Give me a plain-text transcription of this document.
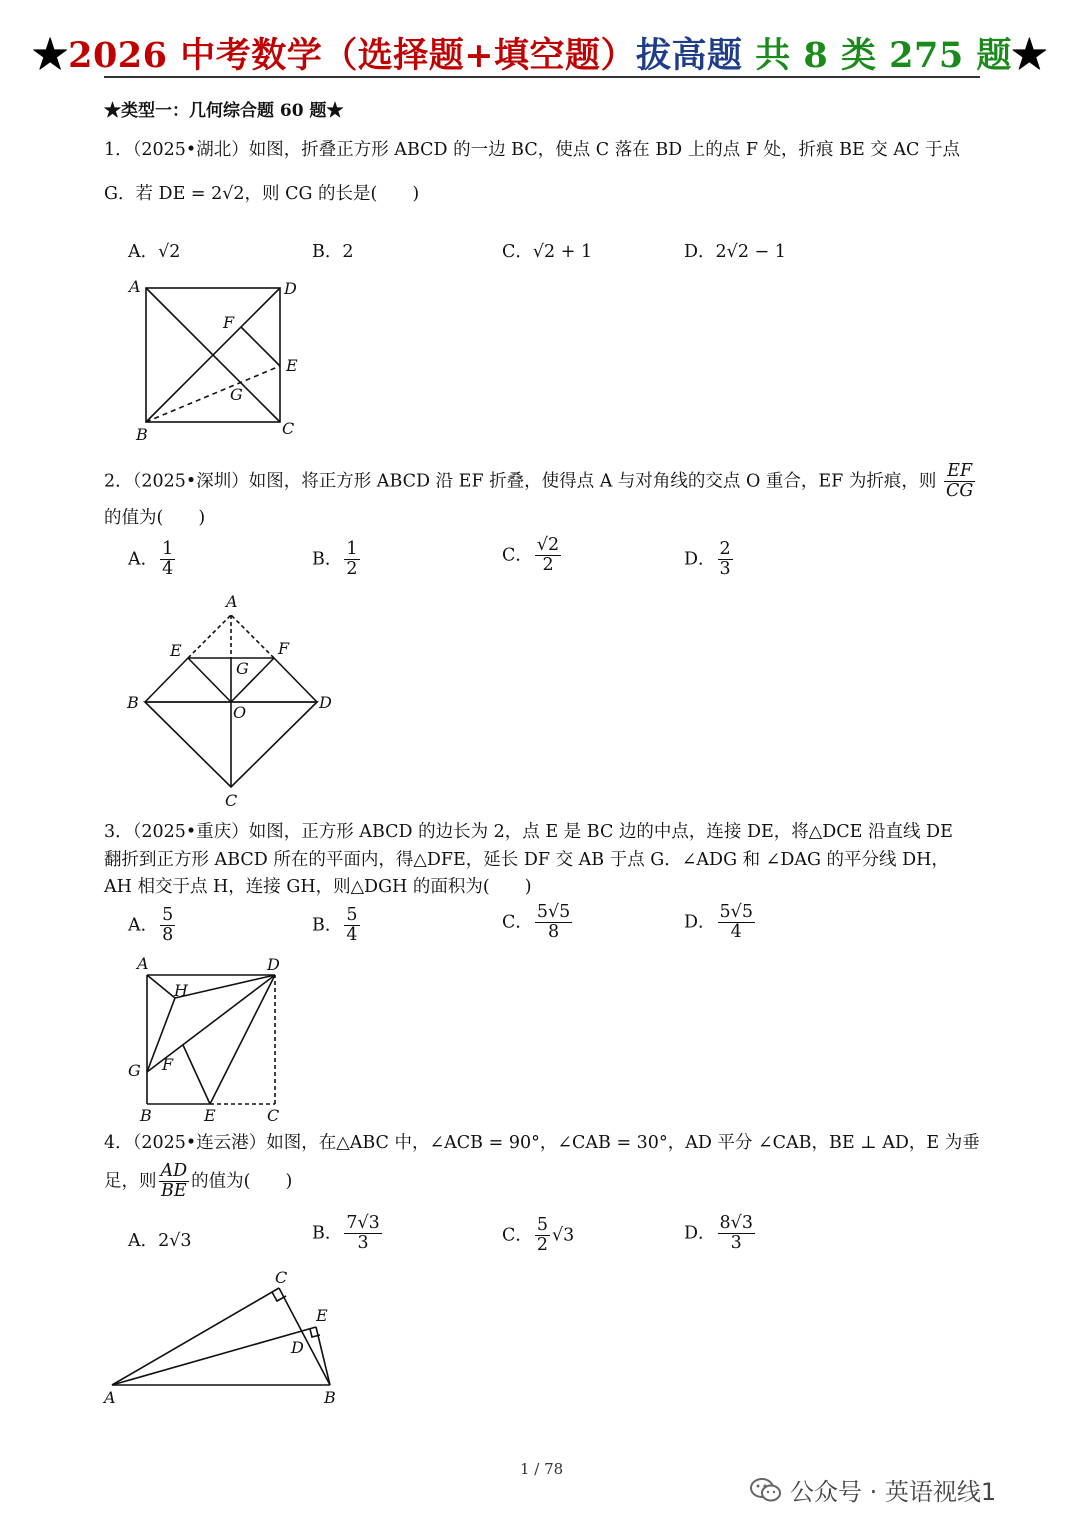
★2026 中考数学（选择题+填空题）拔高题 共 8 类 275 题★
★类型一：几何综合题 60 题★
1．（2025•湖北）如图，折叠正方形 ABCD 的一边 BC，使点 C 落在 BD 上的点 F 处，折痕 BE 交 AC 于点
G．若 DE = 2√2，则 CG 的长是(　　)
A．√2	B．2	C．√2 + 1	D．2√2 − 1
A	D
F
E
G
B	C
2．（2025•深圳）如图，将正方形 ABCD 沿 EF 折叠，使得点 A 与对角线的交点 O 重合，EF 为折痕，则 $\frac{EF}{CG}$
的值为(　　)
A． $\frac{1}{4}$	B． $\frac{1}{2}$	C． $\frac{√2}{2}$	D． $\frac{2}{3}$
A
E	F
G
B
O
D
C
3．（2025•重庆）如图，正方形 ABCD 的边长为 2，点 E 是 BC 边的中点，连接 DE，将△DCE 沿直线 DE
翻折到正方形 ABCD 所在的平面内，得△DFE，延长 DF 交 AB 于点 G．∠ADG 和 ∠DAG 的平分线 DH，
AH 相交于点 H，连接 GH，则△DGH 的面积为(　　)
A． $\frac{5}{8}$	B． $\frac{5}{4}$	C． $\frac{5√5}{8}$	D． $\frac{5√5}{4}$
A	D
H
G F
B	E	C
4．（2025•连云港）如图，在△ABC 中，∠ACB = 90°，∠CAB = 30°，AD 平分 ∠CAB，BE ⊥ AD，E 为垂
足，则 $\frac{AD}{BE}$ 的值为(　　)
A．2√3	B． $\frac{7√3}{3}$	C． $\frac{5}{2} √3$	D． $\frac{8√3}{3}$
C
E
D
A	B
1 / 78
公众号 · 英语视线1
